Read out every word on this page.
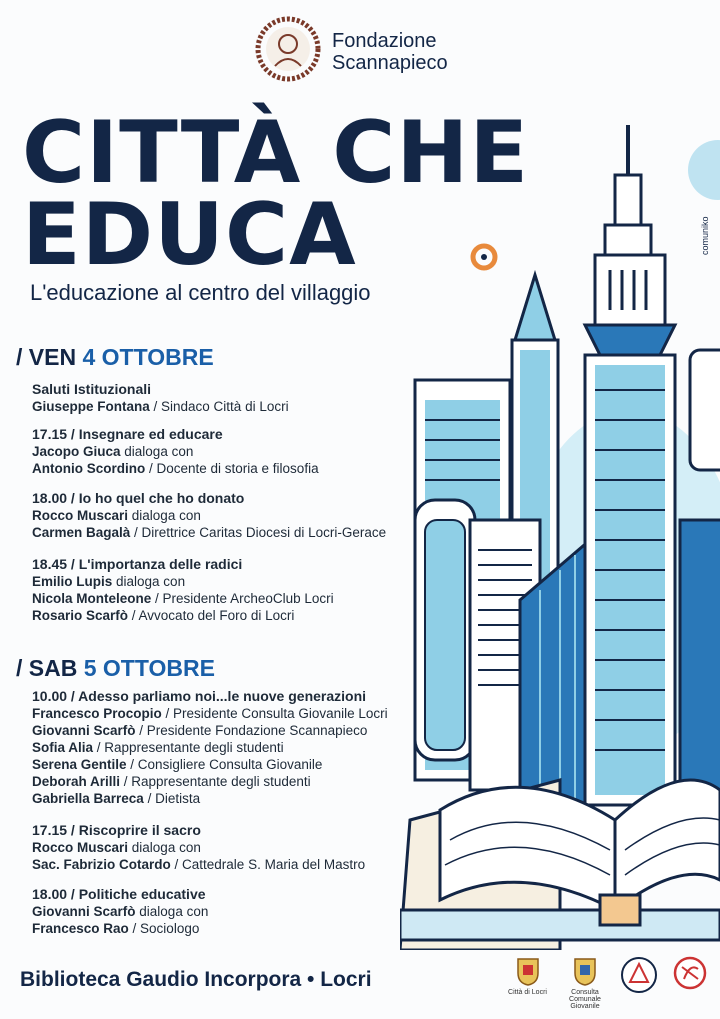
Fondazione
Scannapieco
CITTÀ CHE
EDUCA
L'educazione al centro del villaggio
comuniko
/ VEN 4 OTTOBRE
Saluti Istituzionali
Giuseppe Fontana / Sindaco Città di Locri
17.15 / Insegnare ed educare
Jacopo Giuca dialoga con
Antonio Scordino / Docente di storia e filosofia
18.00 / Io ho quel che ho donato
Rocco Muscari dialoga con
Carmen Bagalà / Direttrice Caritas Diocesi di Locri-Gerace
18.45 / L'importanza delle radici
Emilio Lupis dialoga con
Nicola Monteleone / Presidente ArcheoClub Locri
Rosario Scarfò / Avvocato del Foro di Locri
/ SAB 5 OTTOBRE
10.00 / Adesso parliamo noi...le nuove generazioni
Francesco Procopio / Presidente Consulta Giovanile Locri
Giovanni Scarfò / Presidente Fondazione Scannapieco
Sofia Alia / Rappresentante degli studenti
Serena Gentile / Consigliere Consulta Giovanile
Deborah Arilli / Rappresentante degli studenti
Gabriella Barreca / Dietista
17.15 / Riscoprire il sacro
Rocco Muscari dialoga con
Sac. Fabrizio Cotardo / Cattedrale S. Maria del Mastro
18.00 / Politiche educative
Giovanni Scarfò dialoga con
Francesco Rao / Sociologo
Biblioteca Gaudio Incorpora • Locri
Città di Locri	Consulta Comunale Giovanile
